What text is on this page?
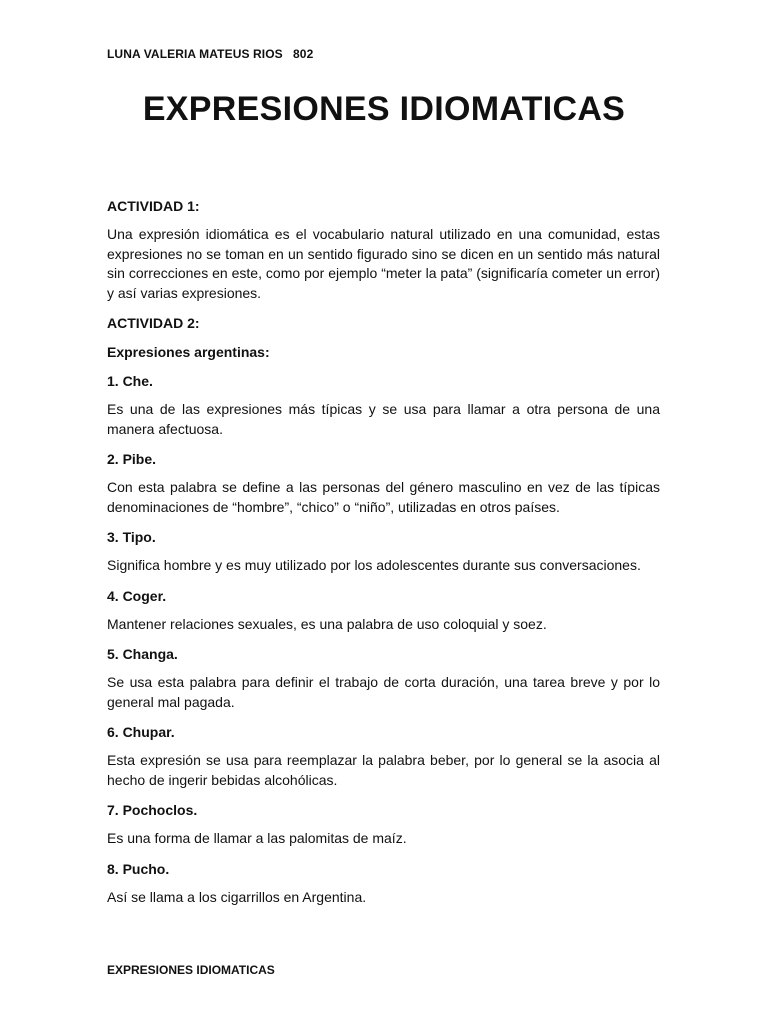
LUNA VALERIA MATEUS RIOS   802
EXPRESIONES IDIOMATICAS
ACTIVIDAD 1:

Una expresión idiomática es el vocabulario natural utilizado en una comunidad, estas expresiones no se toman en un sentido figurado sino se dicen en un sentido más natural sin correcciones en este, como por ejemplo “meter la pata” (significaría cometer un error) y así varias expresiones.

ACTIVIDAD 2:
Expresiones argentinas:
1. Che.

Es una de las expresiones más típicas y se usa para llamar a otra persona de una manera afectuosa.

2. Pibe.

Con esta palabra se define a las personas del género masculino en vez de las típicas denominaciones de “hombre”, “chico” o “niño”, utilizadas en otros países.

3. Tipo.

Significa hombre y es muy utilizado por los adolescentes durante sus conversaciones.

4. Coger.

Mantener relaciones sexuales, es una palabra de uso coloquial y soez.

5. Changa.

Se usa esta palabra para definir el trabajo de corta duración, una tarea breve y por lo general mal pagada.

6. Chupar.

Esta expresión se usa para reemplazar la palabra beber, por lo general se la asocia al hecho de ingerir bebidas alcohólicas.

7. Pochoclos.

Es una forma de llamar a las palomitas de maíz.

8. Pucho.

Así se llama a los cigarrillos en Argentina.

EXPRESIONES IDIOMATICAS
